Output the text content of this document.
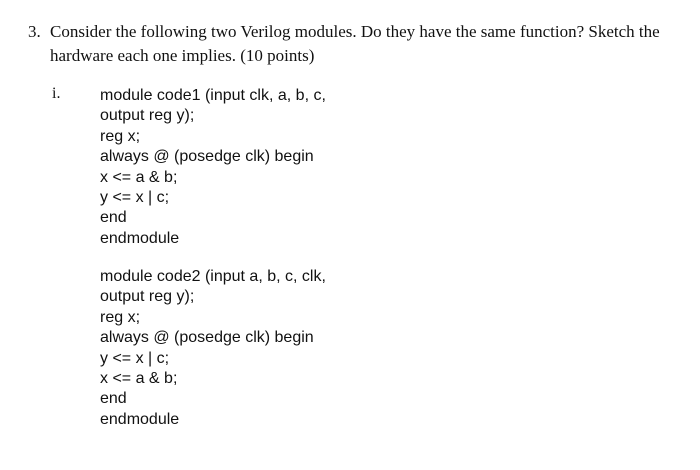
3. Consider the following two Verilog modules. Do they have the same function? Sketch the hardware each one implies. (10 points)
i. module code1 (input clk, a, b, c,
output reg y);
reg x;
always @ (posedge clk) begin
x <= a & b;
y <= x | c;
end
endmodule
module code2 (input a, b, c, clk,
output reg y);
reg x;
always @ (posedge clk) begin
y <= x | c;
x <= a & b;
end
endmodule
